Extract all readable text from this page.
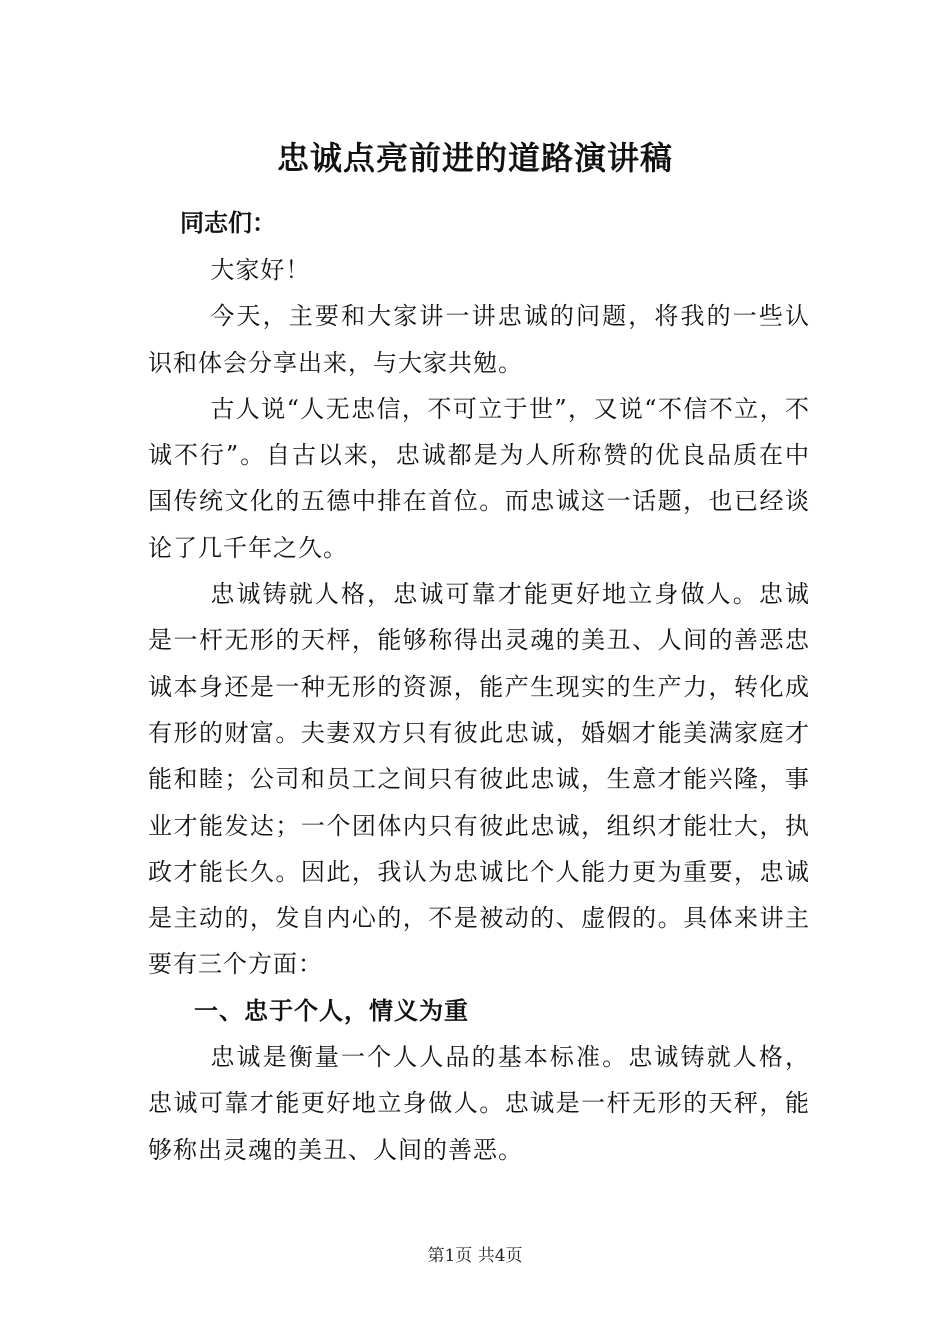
忠诚点亮前进的道路演讲稿
同志们：

大家好！

今天，主要和大家讲一讲忠诚的问题，将我的一些认识和体会分享出来，与大家共勉。

古人说“人无忠信，不可立于世”，又说“不信不立，不诚不行”。自古以来，忠诚都是为人所称赞的优良品质在中国传统文化的五德中排在首位。而忠诚这一话题，也已经谈论了几千年之久。

忠诚铸就人格，忠诚可靠才能更好地立身做人。忠诚是一杆无形的天枰，能够称得出灵魂的美丑、人间的善恶忠诚本身还是一种无形的资源，能产生现实的生产力，转化成有形的财富。夫妻双方只有彼此忠诚，婚姻才能美满家庭才能和睦；公司和员工之间只有彼此忠诚，生意才能兴隆，事业才能发达；一个团体内只有彼此忠诚，组织才能壮大，执政才能长久。因此，我认为忠诚比个人能力更为重要，忠诚是主动的，发自内心的，不是被动的、虚假的。具体来讲主要有三个方面：

一、忠于个人，情义为重

忠诚是衡量一个人人品的基本标准。忠诚铸就人格，忠诚可靠才能更好地立身做人。忠诚是一杆无形的天秤，能够称出灵魂的美丑、人间的善恶。

第1页 共4页
